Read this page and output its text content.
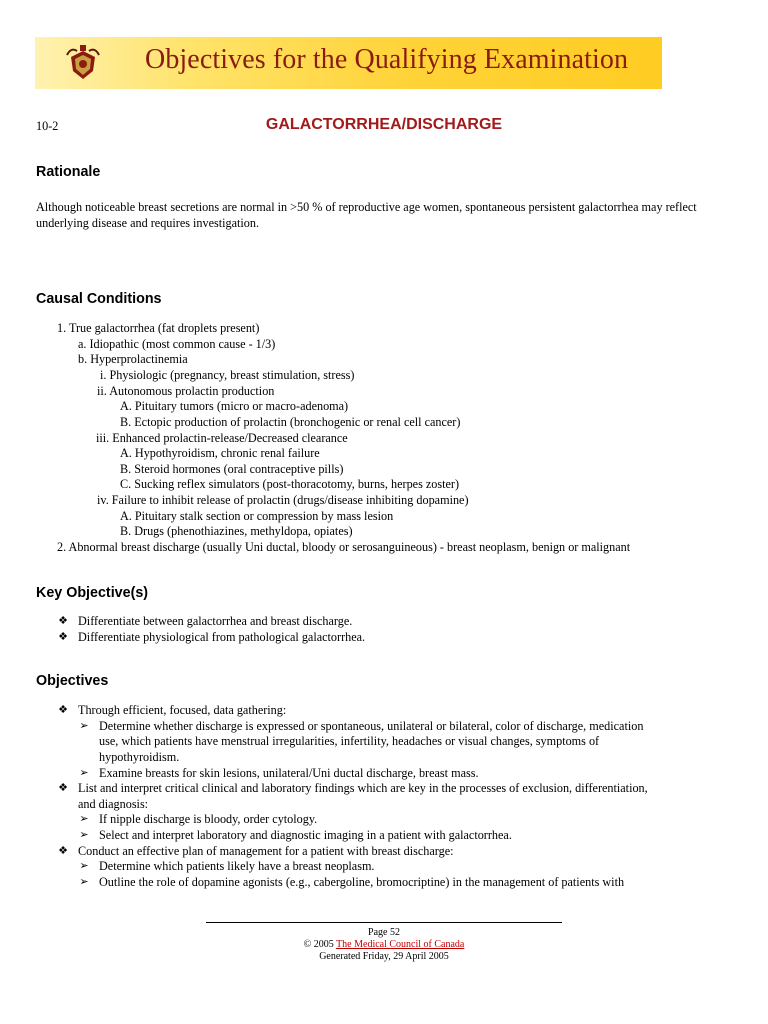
Objectives for the Qualifying Examination
10-2	GALACTORRHEA/DISCHARGE
Rationale
Although noticeable breast secretions are normal in >50 % of reproductive age women, spontaneous persistent galactorrhea may reflect underlying disease and requires investigation.
Causal Conditions
1. True galactorrhea (fat droplets present)
a. Idiopathic (most common cause - 1/3)
b. Hyperprolactinemia
i. Physiologic (pregnancy, breast stimulation, stress)
ii. Autonomous prolactin production
A. Pituitary tumors (micro or macro-adenoma)
B. Ectopic production of prolactin (bronchogenic or renal cell cancer)
iii. Enhanced prolactin-release/Decreased clearance
A. Hypothyroidism, chronic renal failure
B. Steroid hormones (oral contraceptive pills)
C. Sucking reflex simulators (post-thoracotomy, burns, herpes zoster)
iv. Failure to inhibit release of prolactin (drugs/disease inhibiting dopamine)
A. Pituitary stalk section or compression by mass lesion
B. Drugs (phenothiazines, methyldopa, opiates)
2. Abnormal breast discharge (usually Uni ductal, bloody or serosanguineous) - breast neoplasm, benign or malignant
Key Objective(s)
❖ Differentiate between galactorrhea and breast discharge.
❖ Differentiate physiological from pathological galactorrhea.
Objectives
❖ Through efficient, focused, data gathering:
➢ Determine whether discharge is expressed or spontaneous, unilateral or bilateral, color of discharge, medication
use, which patients have menstrual irregularities, infertility, headaches or visual changes, symptoms of
hypothyroidism.
➢ Examine breasts for skin lesions, unilateral/Uni ductal discharge, breast mass.
❖ List and interpret critical clinical and laboratory findings which are key in the processes of exclusion, differentiation,
and diagnosis:
➢ If nipple discharge is bloody, order cytology.
➢ Select and interpret laboratory and diagnostic imaging in a patient with galactorrhea.
❖ Conduct an effective plan of management for a patient with breast discharge:
➢ Determine which patients likely have a breast neoplasm.
➢ Outline the role of dopamine agonists (e.g., cabergoline, bromocriptine) in the management of patients with
Page 52
© 2005 The Medical Council of Canada
Generated Friday, 29 April 2005
